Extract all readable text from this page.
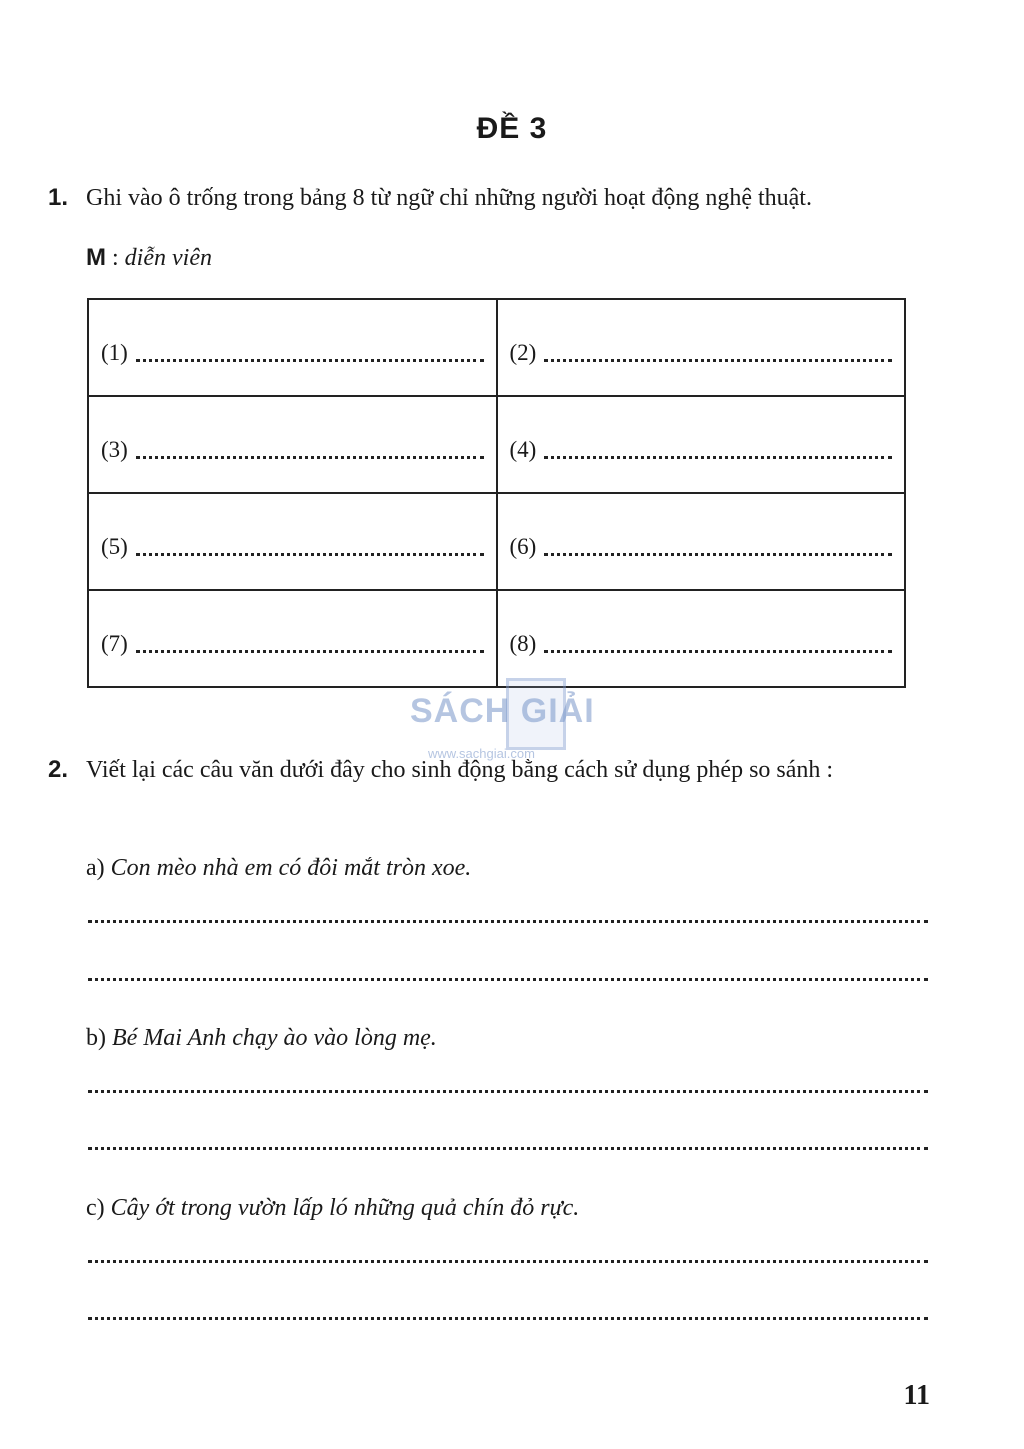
ĐỀ 3
1. Ghi vào ô trống trong bảng 8 từ ngữ chỉ những người hoạt động nghệ thuật.
M : diễn viên
(1)	(2)

(3)	(4)

(5)	(6)

(7)	(8)
SÁCH GIẢI
www.sachgiai.com
2. Viết lại các câu văn dưới đây cho sinh động bằng cách sử dụng phép so sánh :
a) Con mèo nhà em có đôi mắt tròn xoe.
b) Bé Mai Anh chạy ào vào lòng mẹ.
c) Cây ớt trong vườn lấp ló những quả chín đỏ rực.
11
